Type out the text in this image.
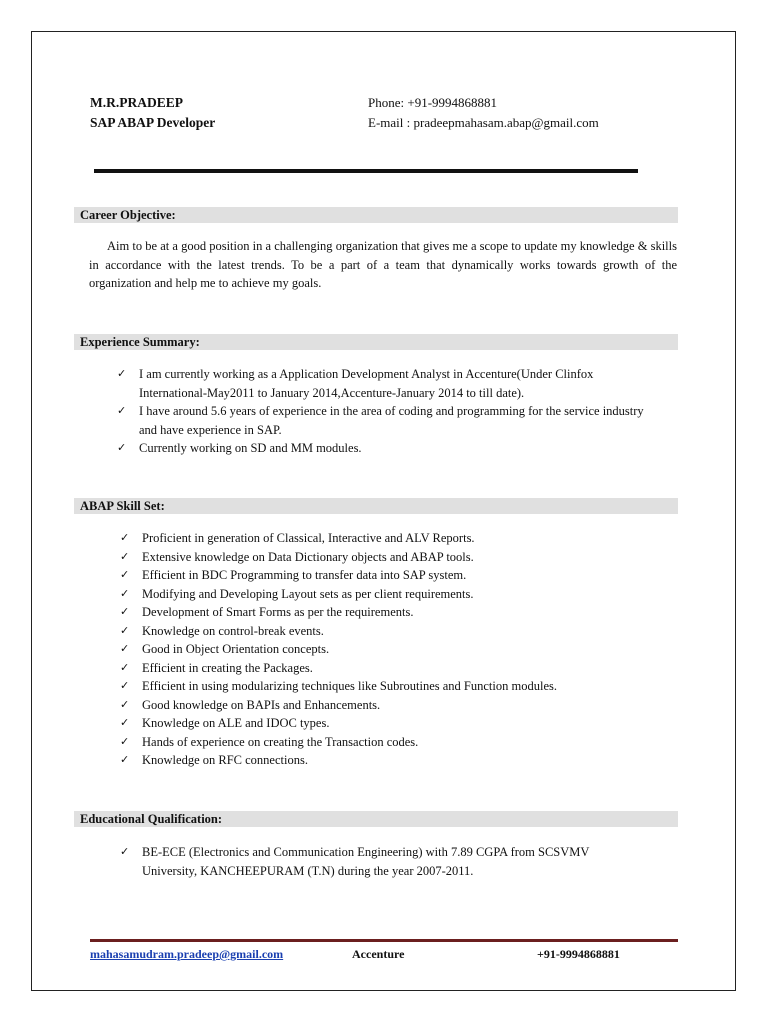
M.R.PRADEEP
SAP ABAP Developer
Phone: +91-9994868881
E-mail : pradeepmahasam.abap@gmail.com
Career Objective:

Aim to be at a good position in a challenging organization that gives me a scope to update my knowledge & skills in accordance with the latest trends. To be a part of a team that dynamically works towards growth of the organization and help me to achieve my goals.

Experience Summary:
✓ I am currently working as a Application Development Analyst in Accenture(Under Clinfox International-May2011 to January 2014,Accenture-January 2014 to till date).
✓ I have around 5.6 years of experience in the area of coding and programming for the service industry and have experience in SAP.
✓ Currently working on SD and MM modules.
ABAP Skill Set:
✓ Proficient in generation of Classical, Interactive and ALV Reports.
✓ Extensive knowledge on Data Dictionary objects and ABAP tools.
✓ Efficient in BDC Programming to transfer data into SAP system.
✓ Modifying and Developing Layout sets as per client requirements.
✓ Development of Smart Forms as per the requirements.
✓ Knowledge on control-break events.
✓ Good in Object Orientation concepts.
✓ Efficient in creating the Packages.
✓ Efficient in using modularizing techniques like Subroutines and Function modules.
✓ Good knowledge on BAPIs and Enhancements.
✓ Knowledge on ALE and IDOC types.
✓ Hands of experience on creating the Transaction codes.
✓ Knowledge on RFC connections.
Educational Qualification:
✓ BE-ECE (Electronics and Communication Engineering) with 7.89 CGPA from SCSVMV University, KANCHEEPURAM (T.N) during the year 2007-2011.
mahasamudram.pradeep@gmail.com	Accenture	+91-9994868881
